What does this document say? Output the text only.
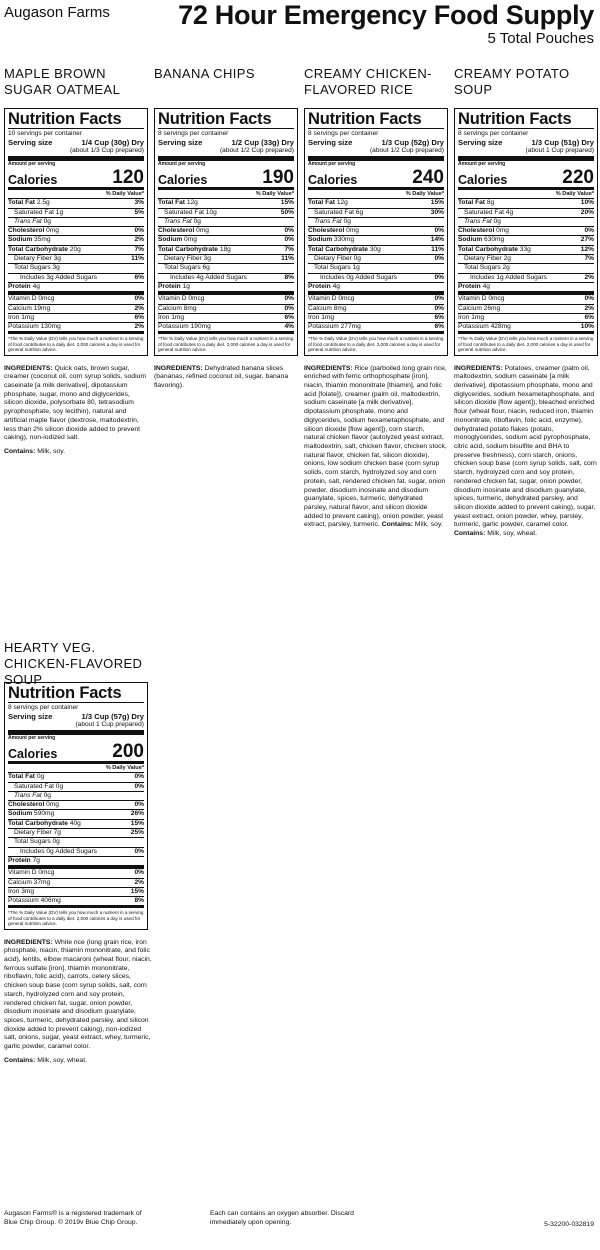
Augason Farms	72 Hour Emergency Food Supply
5 Total Pouches
MAPLE BROWN SUGAR OATMEAL
Nutrition Facts
10 servings per container
Serving size	1/4 Cup (30g) Dry
(about 1/3 Cup prepared)
Amount per serving
Calories	120
% Daily Value*
Total Fat 2.5g	3%
Saturated Fat 1g	5%
Trans Fat 0g
Cholesterol 0mg	0%
Sodium 35mg	2%
Total Carbohydrate 20g	7%
Dietary Fiber 3g	11%
Total Sugars 3g
Includes 3g Added Sugars	6%
Protein 4g
Vitamin D 0mcg	0%
Calcium 19mg	2%
Iron 1mg	6%
Potassium 130mg	2%
*The % Daily Value (DV) tells you how much a nutrient in a serving of food contributes to a daily diet. 2,000 calories a day is used for general nutrition advice.
INGREDIENTS: Quick oats, brown sugar, creamer (coconut oil, corn syrup solids, sodium caseinate [a milk derivative], dipotassium phosphate, sugar, mono and diglycerides, silicon dioxide, polysorbate 80, tetrasodium pyrophosphate, soy lecithin), natural and artificial maple flavor (dextrose, maltodextrin, less than 2% silicon dioxide added to prevent caking), non-iodized salt.
Contains: Milk, soy.
BANANA CHIPS
Nutrition Facts
8 servings per container
Serving size	1/2 Cup (33g) Dry
(about 1/2 Cup prepared)
Amount per serving
Calories	190
% Daily Value*
Total Fat 12g	15%
Saturated Fat 10g	50%
Trans Fat 0g
Cholesterol 0mg	0%
Sodium 0mg	0%
Total Carbohydrate 18g	7%
Dietary Fiber 3g	11%
Total Sugars 6g
Includes 4g Added Sugars	8%
Protein 1g
Vitamin D 0mcg	0%
Calcium 8mg	0%
Iron 1mg	6%
Potassium 190mg	4%
*The % Daily Value (DV) tells you how much a nutrient in a serving of food contributes to a daily diet. 2,000 calories a day is used for general nutrition advice.
INGREDIENTS: Dehydrated banana slices (bananas, refined coconut oil, sugar, banana flavoring).
CREAMY CHICKEN-FLAVORED RICE
Nutrition Facts
8 servings per container
Serving size	1/3 Cup (52g) Dry
(about 1/2 Cup prepared)
Amount per serving
Calories	240
% Daily Value*
Total Fat 12g	15%
Saturated Fat 6g	30%
Trans Fat 0g
Cholesterol 0mg	0%
Sodium 330mg	14%
Total Carbohydrate 30g	11%
Dietary Fiber 0g	0%
Total Sugars 1g
Includes 0g Added Sugars	0%
Protein 4g
Vitamin D 0mcg	0%
Calcium 8mg	0%
Iron 1mg	6%
Potassium 277mg	6%
*The % Daily Value (DV) tells you how much a nutrient in a serving of food contributes to a daily diet. 2,000 calories a day is used for general nutrition advice.
INGREDIENTS: Rice (parboiled long grain rice, enriched with ferric orthophosphate [iron], niacin, thiamin mononitrate [thiamin], and folic acid [folate]), creamer (palm oil, maltodextrin, sodium caseinate [a milk derivative], dipotassium phosphate, mono and diglycerides, sodium hexametaphosphate, and silicon dioxide [flow agent]), corn starch, natural chicken flavor (autolyzed yeast extract, maltodextrin, salt, chicken flavor, chicken stock, natural flavor, chicken fat, silicon dioxide), onions, low sodium chicken base (corn syrup solids, corn starch, hydrolyzed soy and corn protein, salt, rendered chicken fat, sugar, onion powder, disodium inosinate and disodium guanylate, spices, turmeric, dehydrated parsley, natural flavor, and silicon dioxide added to prevent caking), onion powder, yeast extract, parsley, turmeric. Contains: Milk, soy.
CREAMY POTATO SOUP
Nutrition Facts
8 servings per container
Serving size	1/3 Cup (51g) Dry
(about 1 Cup prepared)
Amount per serving
Calories	220
% Daily Value*
Total Fat 8g	10%
Saturated Fat 4g	20%
Trans Fat 0g
Cholesterol 0mg	0%
Sodium 630mg	27%
Total Carbohydrate 33g	12%
Dietary Fiber 2g	7%
Total Sugars 2g
Includes 1g Added Sugars	2%
Protein 4g
Vitamin D 0mcg	0%
Calcium 26mg	2%
Iron 1mg	6%
Potassium 428mg	10%
*The % Daily Value (DV) tells you how much a nutrient in a serving of food contributes to a daily diet. 2,000 calories a day is used for general nutrition advice.
INGREDIENTS: Potatoes, creamer (palm oil, maltodextrin, sodium caseinate [a milk derivative], dipotassium phosphate, mono and diglycerides, sodium hexametaphosphate, and silicon dioxide [flow agent]), bleached enriched flour (wheat flour, niacin, reduced iron, thiamin mononitrate, riboflavin, folic acid, enzyme), dehydrated potato flakes (potato, monoglycerides, sodium acid pyrophosphate, citric acid, sodium bisulfite and BHA to preserve freshness), corn starch, onions, chicken soup base (corn syrup solids, salt, corn starch, hydrolyzed corn and soy protein, rendered chicken fat, sugar, onion powder, disodium inosinate and disodium guanylate, spices, turmeric, dehydrated parsley, and silicon dioxide added to prevent caking), sugar, yeast extract, onion powder, whey, parsley, turmeric, garlic powder, caramel color. Contains: Milk, soy, wheat.
HEARTY VEG. CHICKEN-FLAVORED SOUP
Nutrition Facts
8 servings per container
Serving size	1/3 Cup (57g) Dry
(about 1 Cup prepared)
Amount per serving
Calories	200
% Daily Value*
Total Fat 0g	0%
Saturated Fat 0g	0%
Trans Fat 0g
Cholesterol 0mg	0%
Sodium 590mg	26%
Total Carbohydrate 40g	15%
Dietary Fiber 7g	25%
Total Sugars 0g
Includes 0g Added Sugars	0%
Protein 7g
Vitamin D 0mcg	0%
Calcium 37mg	2%
Iron 3mg	15%
Potassium 406mg	8%
*The % Daily Value (DV) tells you how much a nutrient in a serving of food contributes to a daily diet. 2,000 calories a day is used for general nutrition advice.
INGREDIENTS: White rice (long grain rice, iron phosphate, niacin, thiamin mononitrate, and folic acid), lentils, elbow macaroni (wheat flour, niacin, ferrous sulfate [iron], thiamin mononitrate, riboflavin, folic acid), carrots, celery slices, chicken soup base (corn syrup solids, salt, corn starch, hydrolyzed corn and soy protein, rendered chicken fat, sugar, onion powder, disodium inosinate and disodium guanylate, spices, turmeric, dehydrated parsley, and silicon dioxide added to prevent caking), non-iodized salt, onions, sugar, yeast extract, whey, turmeric, garlic powder, caramel color.
Contains: Milk, soy, wheat.
Augason Farms® is a registered trademark of Blue Chip Group. © 2019v Blue Chip Group.
Each can contains an oxygen absorber. Discard immediately upon opening.	5-32200-032819
